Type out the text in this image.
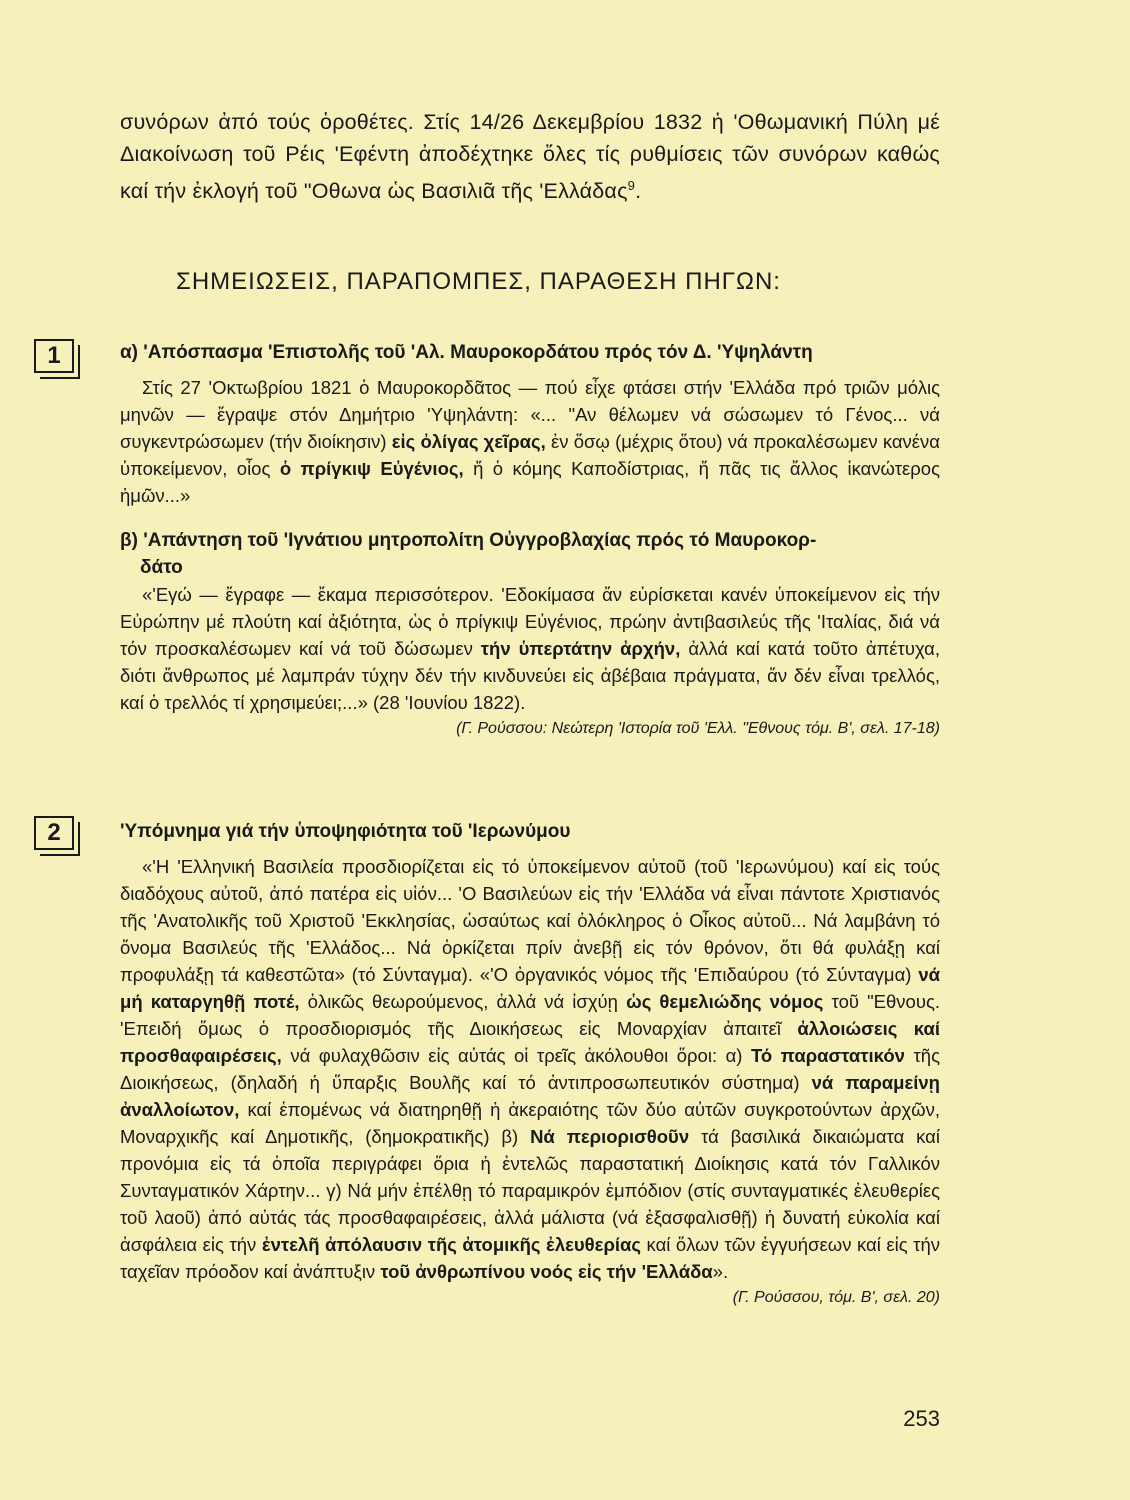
συνόρων ἀπό τούς ὁροθέτες. Στίς 14/26 Δεκεμβρίου 1832 ἡ 'Οθωμανική Πύλη μέ Διακοίνωση τοῦ Ρέις 'Εφέντη ἀποδέχτηκε ὅλες τίς ρυθμίσεις τῶν συνόρων καθώς καί τήν ἐκλογή τοῦ "Οθωνα ὡς Βασιλιᾶ τῆς 'Ελλάδας$^9$.

ΣΗΜΕΙΩΣΕΙΣ, ΠΑΡΑΠΟΜΠΕΣ, ΠΑΡΑΘΕΣΗ ΠΗΓΩΝ:
1	α) 'Απόσπασμα 'Επιστολῆς τοῦ 'Αλ. Μαυροκορδάτου πρός τόν Δ. 'Υψηλάντη

Στίς 27 'Οκτωβρίου 1821 ὁ Μαυροκορδᾶτος — πού εἶχε φτάσει στήν 'Ελλάδα πρό τριῶν μόλις μηνῶν — ἔγραψε στόν Δημήτριο 'Υψηλάντη: «... "Αν θέλωμεν νά σώσωμεν τό Γένος... νά συγκεντρώσωμεν (τήν διοίκησιν) εἰς ὀλίγας χεῖρας, ἐν ὅσῳ (μέχρις ὅτου) νά προκαλέσωμεν κανένα ὑποκείμενον, οἷος ὁ πρίγκιψ Εὐγένιος, ἤ ὁ κόμης Καποδίστριας, ἤ πᾶς τις ἄλλος ἱκανώτερος ἡμῶν...»

β) 'Απάντηση τοῦ 'Ιγνάτιου μητροπολίτη Οὐγγροβλαχίας πρός τό Μαυροκορ-
δάτο

«'Εγώ — ἔγραφε — ἔκαμα περισσότερον. 'Εδοκίμασα ἄν εὑρίσκεται κανέν ὑποκείμενον εἰς τήν Εὐρώπην μέ πλούτη καί ἀξιότητα, ὡς ὁ πρίγκιψ Εὐγένιος, πρώην ἀντιβασιλεύς τῆς 'Ιταλίας, διά νά τόν προσκαλέσωμεν καί νά τοῦ δώσωμεν τήν ὑπερτάτην ἀρχήν, ἀλλά καί κατά τοῦτο ἀπέτυχα, διότι ἄνθρωπος μέ λαμπράν τύχην δέν τήν κινδυνεύει εἰς ἀβέβαια πράγματα, ἄν δέν εἶναι τρελλός, καί ὁ τρελλός τί χρησιμεύει;...» (28 'Ιουνίου 1822).

(Γ. Ρούσσου: Νεώτερη 'Ιστορία τοῦ 'Ελλ. "Εθνους τόμ. Β', σελ. 17-18)

2	'Υπόμνημα γιά τήν ὑποψηφιότητα τοῦ 'Ιερωνύμου

«'Η 'Ελληνική Βασιλεία προσδιορίζεται εἰς τό ὑποκείμενον αὐτοῦ (τοῦ 'Ιερωνύμου) καί εἰς τούς διαδόχους αὐτοῦ, ἀπό πατέρα εἰς υἱόν... 'Ο Βασιλεύων εἰς τήν 'Ελλάδα νά εἶναι πάντοτε Χριστιανός τῆς 'Ανατολικῆς τοῦ Χριστοῦ 'Εκκλησίας, ὡσαύτως καί ὁλόκληρος ὁ Οἶκος αὐτοῦ... Νά λαμβάνη τό ὄνομα Βασιλεύς τῆς 'Ελλάδος... Νά ὁρκίζεται πρίν ἀνεβῇ εἰς τόν θρόνον, ὅτι θά φυλάξῃ καί προφυλάξῃ τά καθεστῶτα» (τό Σύνταγμα). «'Ο ὀργανικός νόμος τῆς 'Επιδαύρου (τό Σύνταγμα) νά μή καταργηθῇ ποτέ, ὁλικῶς θεωρούμενος, ἀλλά νά ἰσχύῃ ὡς θεμελιώδης νόμος τοῦ "Εθνους. 'Επειδή ὅμως ὁ προσδιορισμός τῆς Διοικήσεως εἰς Μοναρχίαν ἀπαιτεῖ ἀλλοιώσεις καί προσθαφαιρέσεις, νά φυλαχθῶσιν εἰς αὐτάς οἱ τρεῖς ἀκόλουθοι ὅροι: α) Τό παραστατικόν τῆς Διοικήσεως, (δηλαδή ἡ ὕπαρξις Βουλῆς καί τό ἀντιπροσωπευτικόν σύστημα) νά παραμείνῃ ἀναλλοίωτον, καί ἑπομένως νά διατηρηθῇ ἡ ἀκεραιότης τῶν δύο αὐτῶν συγκροτούντων ἀρχῶν, Μοναρχικῆς καί Δημοτικῆς, (δημοκρατικῆς) β) Νά περιορισθοῦν τά βασιλικά δικαιώματα καί προνόμια εἰς τά ὁποῖα περιγράφει ὅρια ἡ ἐντελῶς παραστατική Διοίκησις κατά τόν Γαλλικόν Συνταγματικόν Χάρτην... γ) Νά μήν ἐπέλθῃ τό παραμικρόν ἐμπόδιον (στίς συνταγματικές ἐλευθερίες τοῦ λαοῦ) ἀπό αὐτάς τάς προσθαφαιρέσεις, ἀλλά μάλιστα (νά ἐξασφαλισθῇ) ἡ δυνατή εὐκολία καί ἀσφάλεια εἰς τήν ἐντελῆ ἀπόλαυσιν τῆς ἀτομικῆς ἐλευθερίας καί ὅλων τῶν ἐγγυήσεων καί εἰς τήν ταχεῖαν πρόοδον καί ἀνάπτυξιν τοῦ ἀνθρωπίνου νοός εἰς τήν 'Ελλάδα».

(Γ. Ρούσσου, τόμ. Β', σελ. 20)

253
